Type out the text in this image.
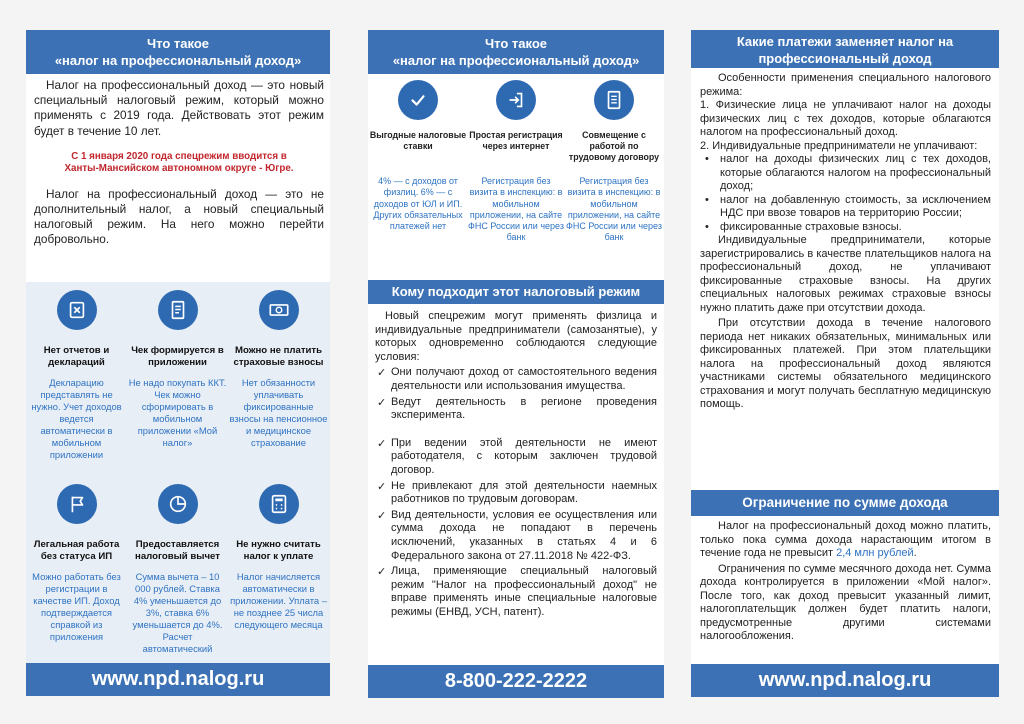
Что такое
«налог на профессиональный доход»

Налог на профессиональный доход — это новый специальный налоговый режим, который можно применять с 2019 года. Действовать этот режим будет в течение 10 лет.

С 1 января 2020 года спецрежим вводится в
Ханты-Мансийском автономном округе - Югре.

Налог на профессиональный доход — это не дополнительный налог, а новый специальный налоговый режим. На него можно перейти добровольно.

Нет отчетов и деклараций
Декларацию представлять не нужно. Учет доходов ведется автоматически в мобильном приложении
Чек формируется в приложении
Не надо покупать ККТ. Чек можно сформировать в мобильном приложении «Мой налог»
Можно не платить страховые взносы
Нет обязанности уплачивать фиксированные взносы на пенсионное и медицинское страхование
Легальная работа без статуса ИП
Можно работать без регистрации в качестве ИП. Доход подтверждается справкой из приложения
Предоставляется налоговый вычет
Сумма вычета – 10 000 рублей. Ставка 4% уменьшается до 3%, ставка 6% уменьшается до 4%. Расчет автоматический
Не нужно считать налог к уплате
Налог начисляется автоматически в приложении. Уплата – не позднее 25 числа следующего месяца
www.npd.nalog.ru
Что такое
«налог на профессиональный доход»
Выгодные налоговые ставки
4% — с доходов от физлиц. 6% — с доходов от ЮЛ и ИП. Других обязательных платежей нет
Простая регистрация через интернет
Регистрация без визита в инспекцию: в мобильном приложении, на сайте ФНС России или через банк
Совмещение с работой по трудовому договору
Регистрация без визита в инспекцию: в мобильном приложении, на сайте ФНС России или через банк
Кому подходит этот налоговый режим

Новый спецрежим могут применять физлица и индивидуальные предприниматели (самозанятые), у которых одновременно соблюдаются следующие условия:

✓ Они получают доход от самостоятельного ведения деятельности или использования имущества.
✓ Ведут деятельность в регионе проведения эксперимента.
✓ При ведении этой деятельности не имеют работодателя, с которым заключен трудовой договор.
✓ Не привлекают для этой деятельности наемных работников по трудовым договорам.
✓ Вид деятельности, условия ее осуществления или сумма дохода не попадают в перечень исключений, указанных в статьях 4 и 6 Федерального закона от 27.11.2018 № 422-ФЗ.
✓ Лица, применяющие специальный налоговый режим "Налог на профессиональный доход" не вправе применять иные специальные налоговые режимы (ЕНВД, УСН, патент).
8-800-222-2222
Какие платежи заменяет налог на
профессиональный доход

Особенности применения специального налогового режима:

1. Физические лица не уплачивают налог на доходы физических лиц с тех доходов, которые облагаются налогом на профессиональный доход.

2. Индивидуальные предприниматели не уплачивают:

• налог на доходы физических лиц с тех доходов, которые облагаются налогом на профессиональный доход;
• налог на добавленную стоимость, за исключением НДС при ввозе товаров на территорию России;
• фиксированные страховые взносы.

Индивидуальные предприниматели, которые зарегистрировались в качестве плательщиков налога на профессиональный доход, не уплачивают фиксированные страховые взносы. На других специальных налоговых режимах страховые взносы нужно платить даже при отсутствии дохода.

При отсутствии дохода в течение налогового периода нет никаких обязательных, минимальных или фиксированных платежей. При этом плательщики налога на профессиональный доход являются участниками системы обязательного медицинского страхования и могут получать бесплатную медицинскую помощь.

Ограничение по сумме дохода

Налог на профессиональный доход можно платить, только пока сумма дохода нарастающим итогом в течение года не превысит 2,4 млн рублей.

Ограничения по сумме месячного дохода нет. Сумма дохода контролируется в приложении «Мой налог». После того, как доход превысит указанный лимит, налогоплательщик должен будет платить налоги, предусмотренные другими системами налогообложения.

www.npd.nalog.ru
